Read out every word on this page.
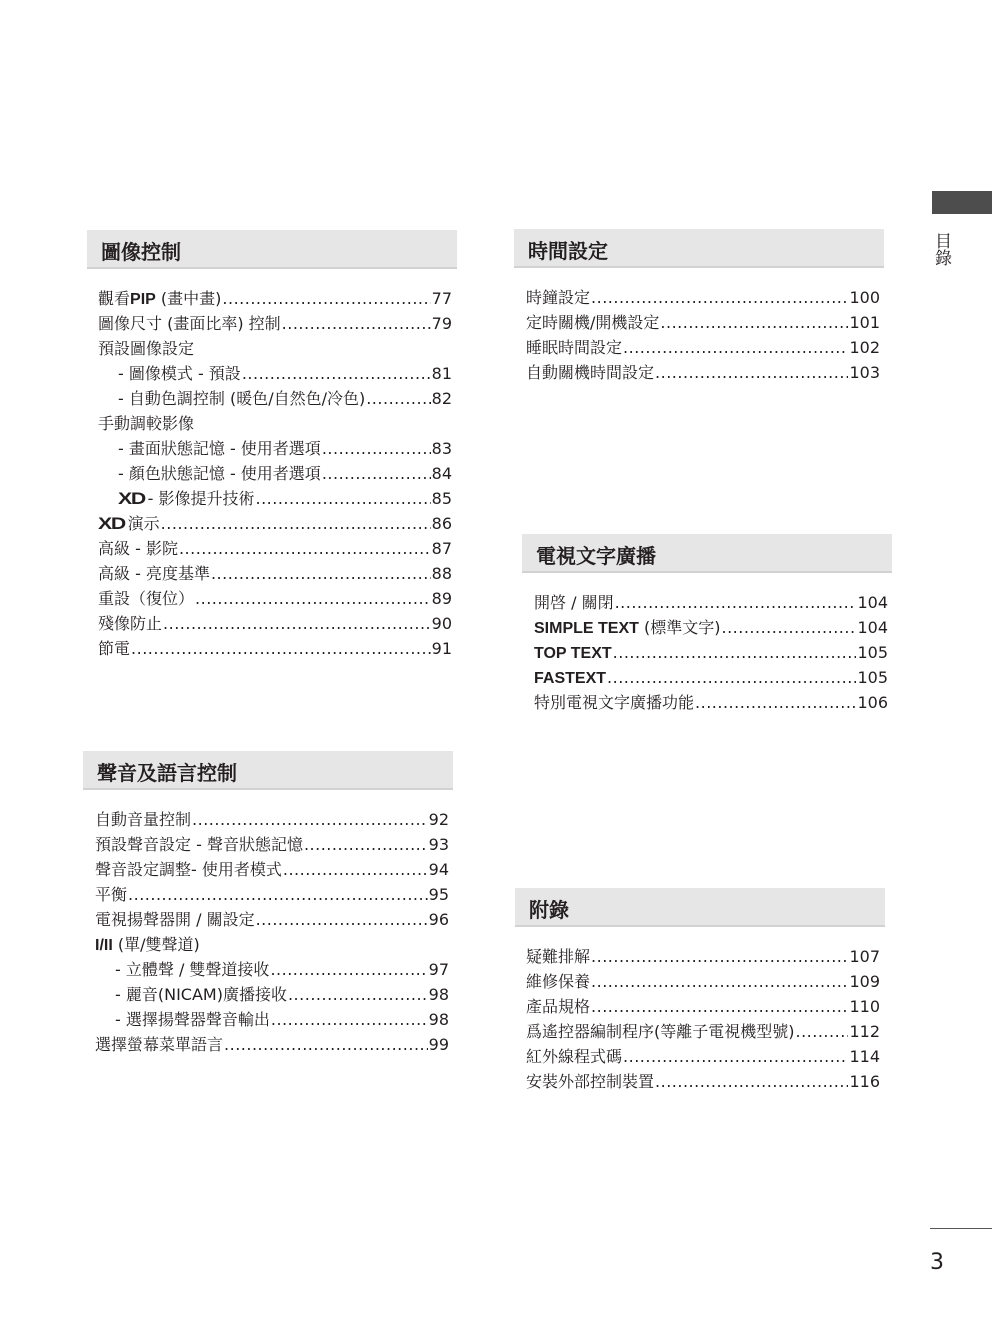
目錄
圖像控制
觀看PIP (畫中畫) .....	77
圖像尺寸 (畫面比率) 控制 .....	79
預設圖像設定
- 圖像模式 - 預設 .....	81
- 自動色調控制 (暖色/自然色/冷色) .....	82
手動調較影像
- 畫面狀態記憶 - 使用者選項 .....	83
- 顏色狀態記憶 - 使用者選項 .....	84
XD - 影像提升技術 .....	85
XD 演示 .....	86
高級 - 影院 .....	87
高級 - 亮度基準 .....	88
重設（復位） .....	89
殘像防止 .....	90
節電 .....	91
聲音及語言控制
自動音量控制 .....	92
預設聲音設定 - 聲音狀態記憶 .....	93
聲音設定調整- 使用者模式 .....	94
平衡 .....	95
電視揚聲器開 / 關設定 .....	96
I/II (單/雙聲道)
- 立體聲 / 雙聲道接收 .....	97
- 麗音(NICAM)廣播接收 .....	98
- 選擇揚聲器聲音輸出 .....	98
選擇螢幕菜單語言 .....	99
時間設定
時鐘設定 .....	100
定時關機/開機設定 .....	101
睡眠時間設定 .....	102
自動關機時間設定 .....	103
電視文字廣播
開啓 / 關閉 .....	104
SIMPLE TEXT (標準文字) .....	104
TOP TEXT .....	105
FASTEXT .....	105
特別電視文字廣播功能 .....	106
附錄
疑難排解 .....	107
維修保養 .....	109
產品規格 .....	110
爲遙控器編制程序(等離子電視機型號) .....	112
紅外線程式碼 .....	114
安裝外部控制裝置 .....	116
3
